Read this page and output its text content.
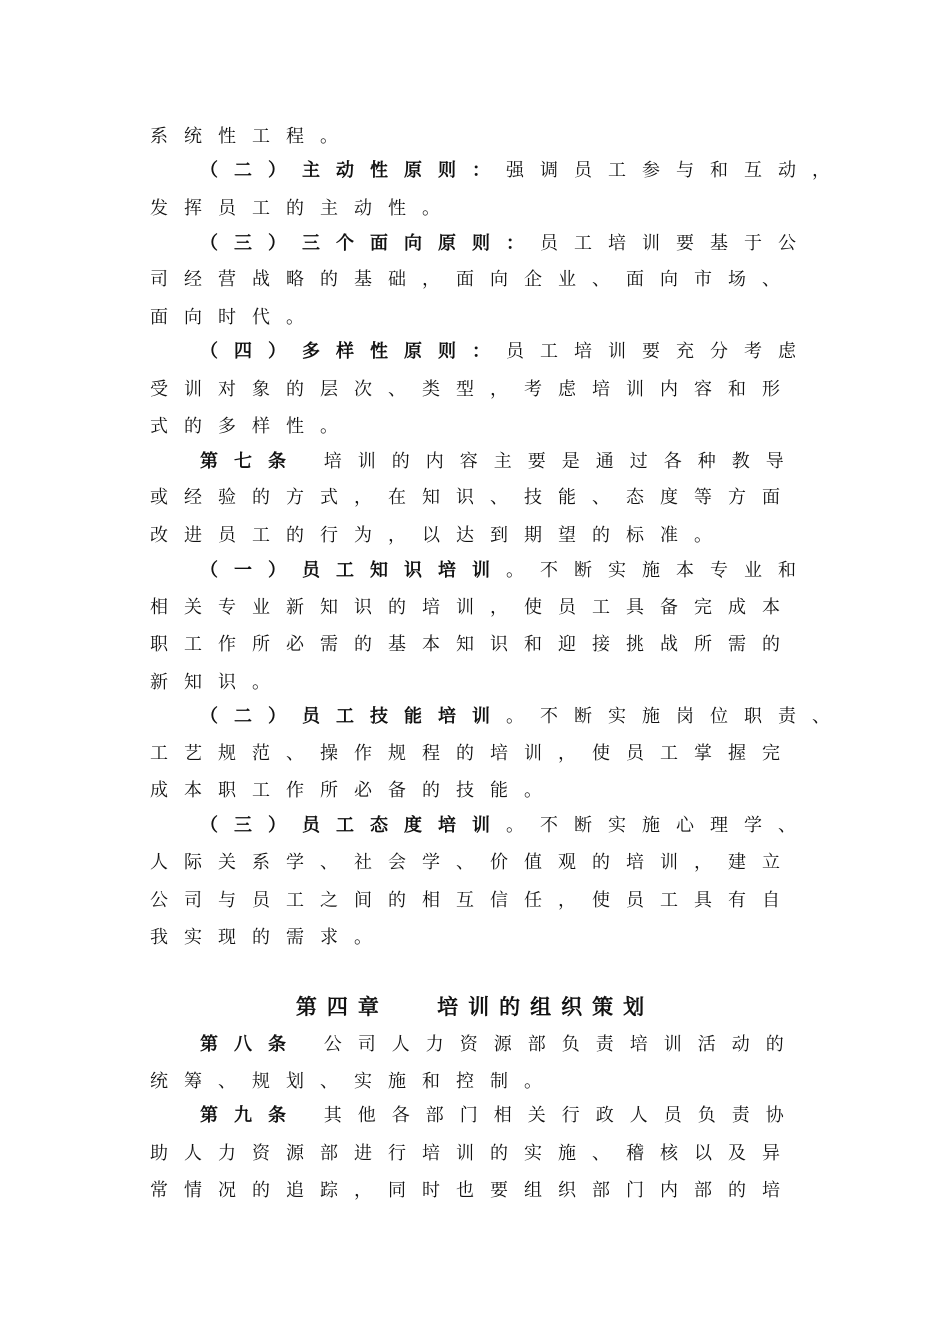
系统性工程。
（二）主动性原则：强调员工参与和互动，
发挥员工的主动性。
（三）三个面向原则：员工培训要基于公
司经营战略的基础，面向企业、面向市场、
面向时代。
（四）多样性原则：员工培训要充分考虑
受训对象的层次、类型，考虑培训内容和形
式的多样性。
第七条 培训的内容主要是通过各种教导
或经验的方式，在知识、技能、态度等方面
改进员工的行为，以达到期望的标准。
（一）员工知识培训。不断实施本专业和
相关专业新知识的培训，使员工具备完成本
职工作所必需的基本知识和迎接挑战所需的
新知识。
（二）员工技能培训。不断实施岗位职责、
工艺规范、操作规程的培训，使员工掌握完
成本职工作所必备的技能。
（三）员工态度培训。不断实施心理学、
人际关系学、社会学、价值观的培训，建立
公司与员工之间的相互信任，使员工具有自
我实现的需求。
第四章　 培训的组织策划
第八条 公司人力资源部负责培训活动的
统筹、规划、实施和控制。
第九条 其他各部门相关行政人员负责协
助人力资源部进行培训的实施、稽核以及异
常情况的追踪，同时也要组织部门内部的培
